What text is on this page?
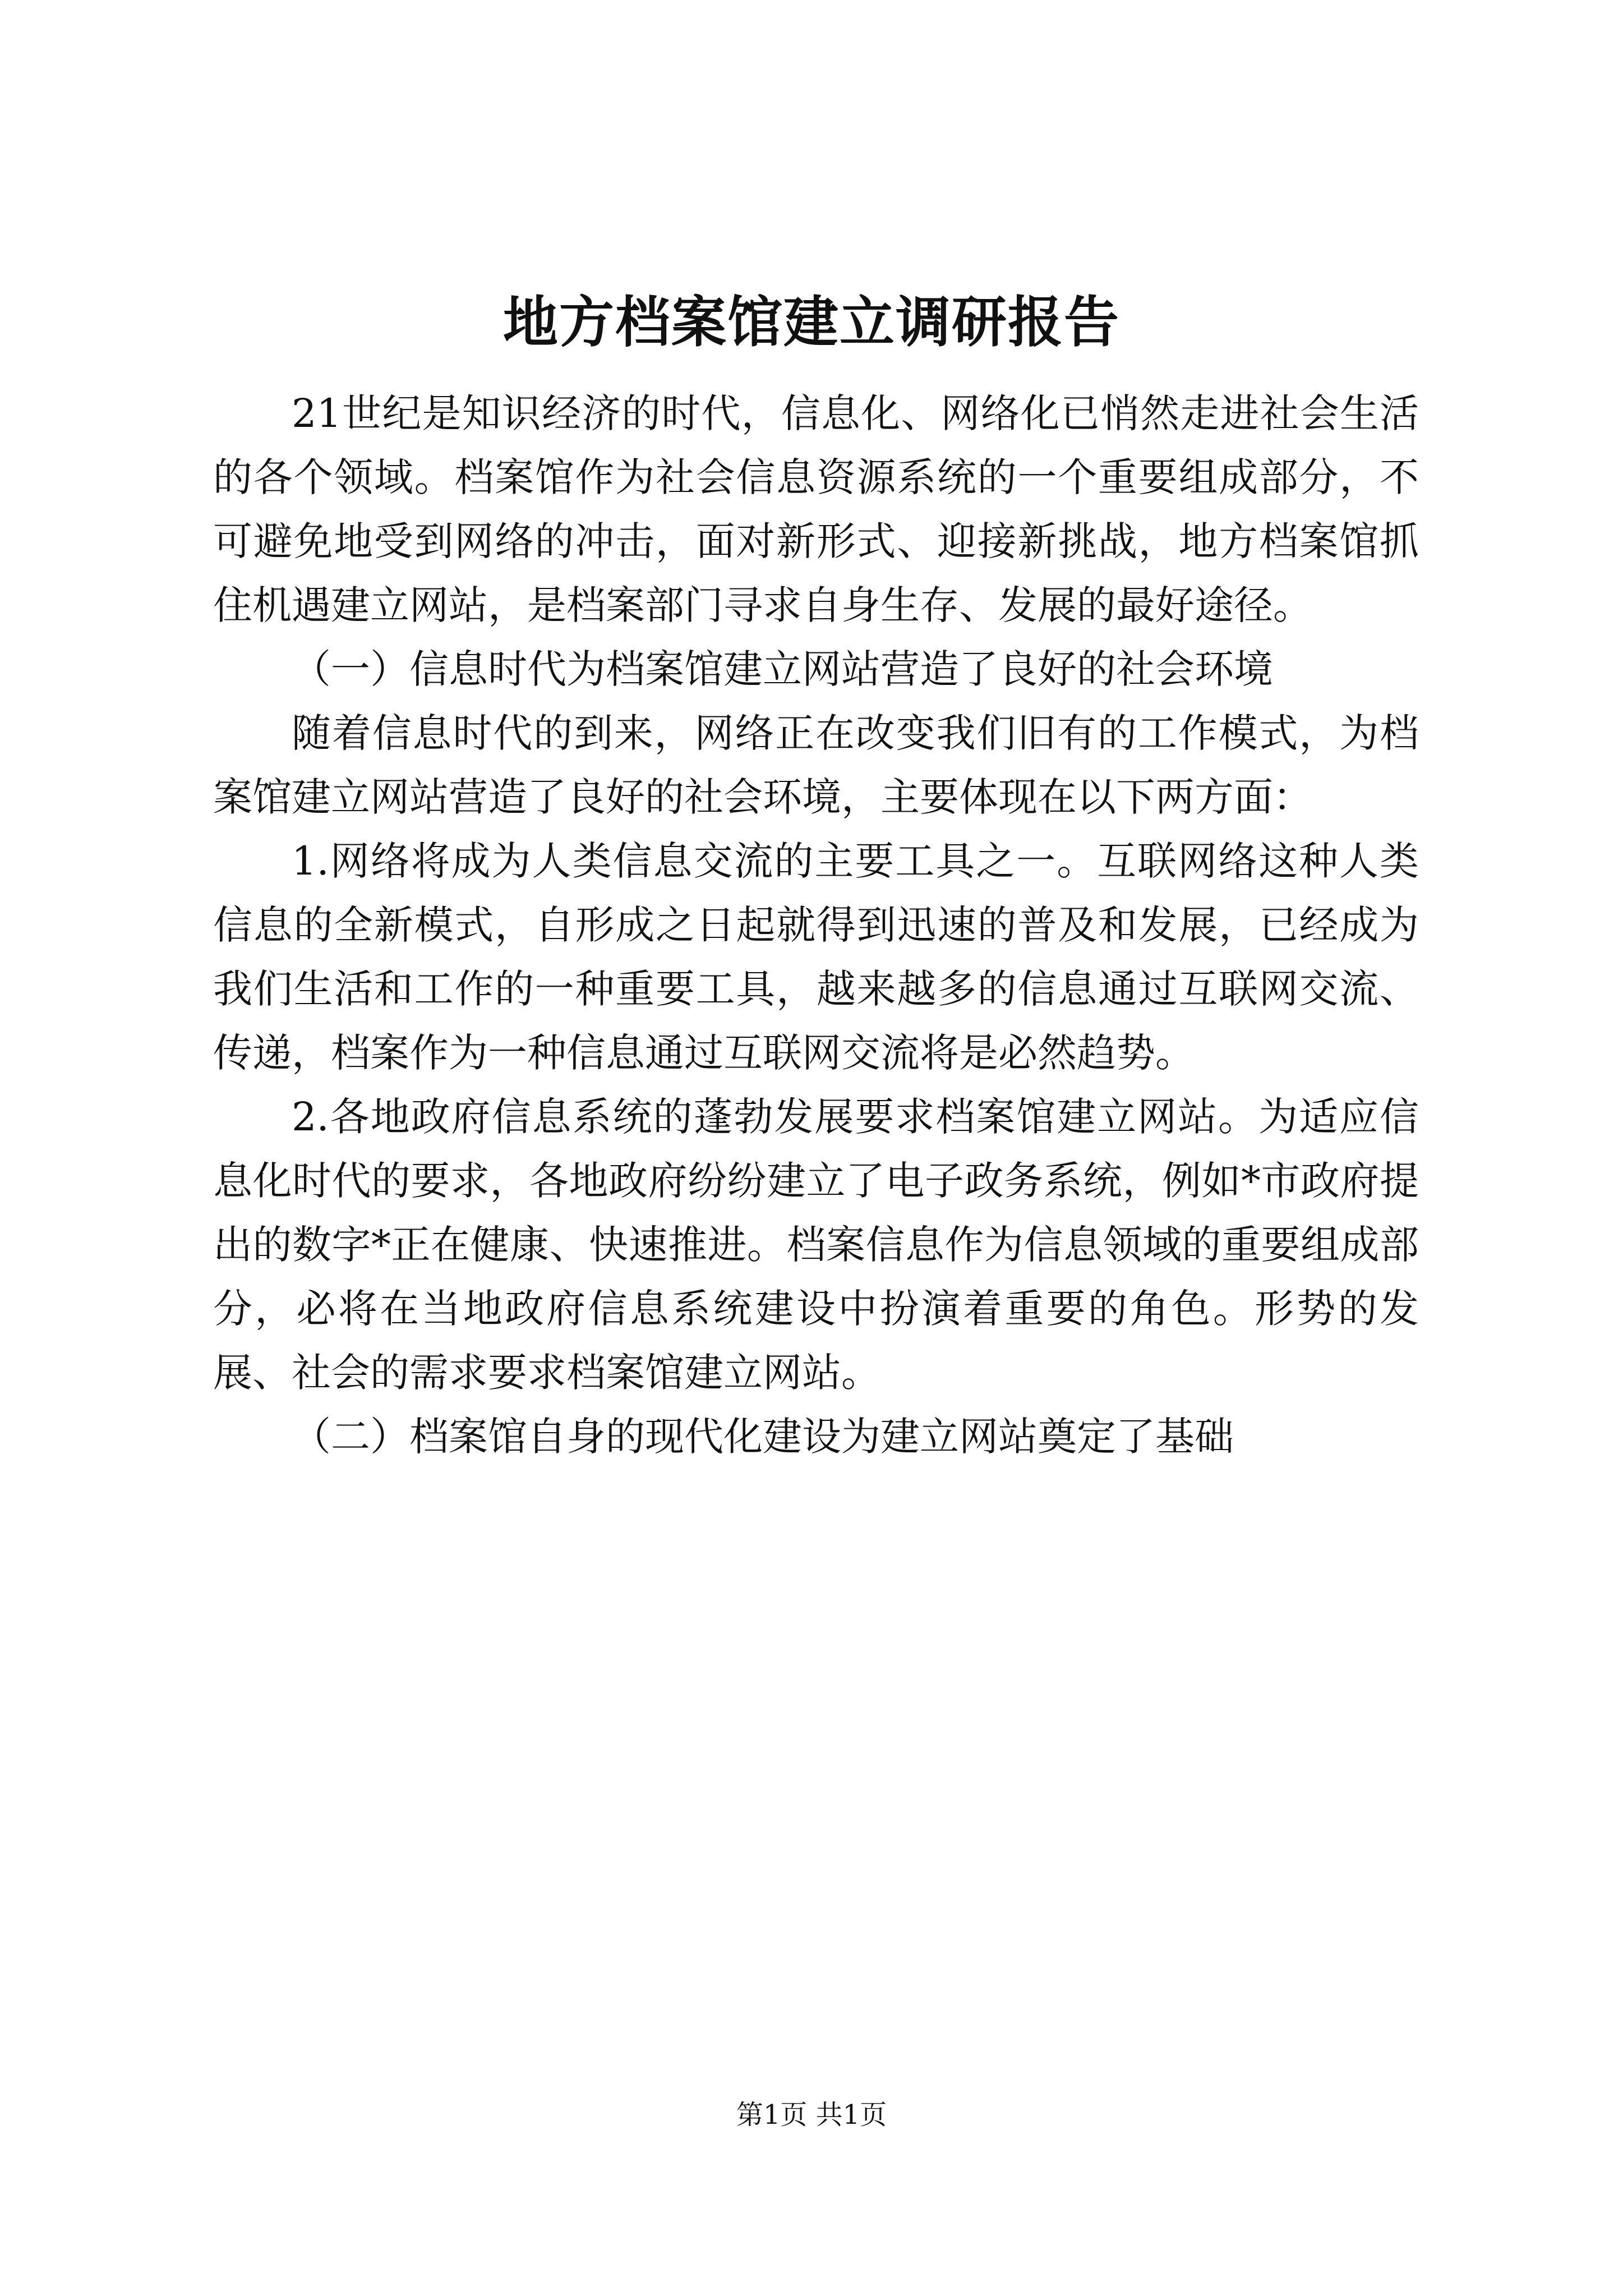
地方档案馆建立调研报告

21世纪是知识经济的时代，信息化、网络化已悄然走进社会生活的各个领域。档案馆作为社会信息资源系统的一个重要组成部分，不可避免地受到网络的冲击，面对新形式、迎接新挑战，地方档案馆抓住机遇建立网站，是档案部门寻求自身生存、发展的最好途径。

（一）信息时代为档案馆建立网站营造了良好的社会环境

随着信息时代的到来，网络正在改变我们旧有的工作模式，为档案馆建立网站营造了良好的社会环境，主要体现在以下两方面：

1.网络将成为人类信息交流的主要工具之一。互联网络这种人类信息的全新模式，自形成之日起就得到迅速的普及和发展，已经成为我们生活和工作的一种重要工具，越来越多的信息通过互联网交流、传递，档案作为一种信息通过互联网交流将是必然趋势。

2.各地政府信息系统的蓬勃发展要求档案馆建立网站。为适应信息化时代的要求，各地政府纷纷建立了电子政务系统，例如*市政府提出的数字*正在健康、快速推进。档案信息作为信息领域的重要组成部分，必将在当地政府信息系统建设中扮演着重要的角色。形势的发展、社会的需求要求档案馆建立网站。

（二）档案馆自身的现代化建设为建立网站奠定了基础

第1页 共1页
